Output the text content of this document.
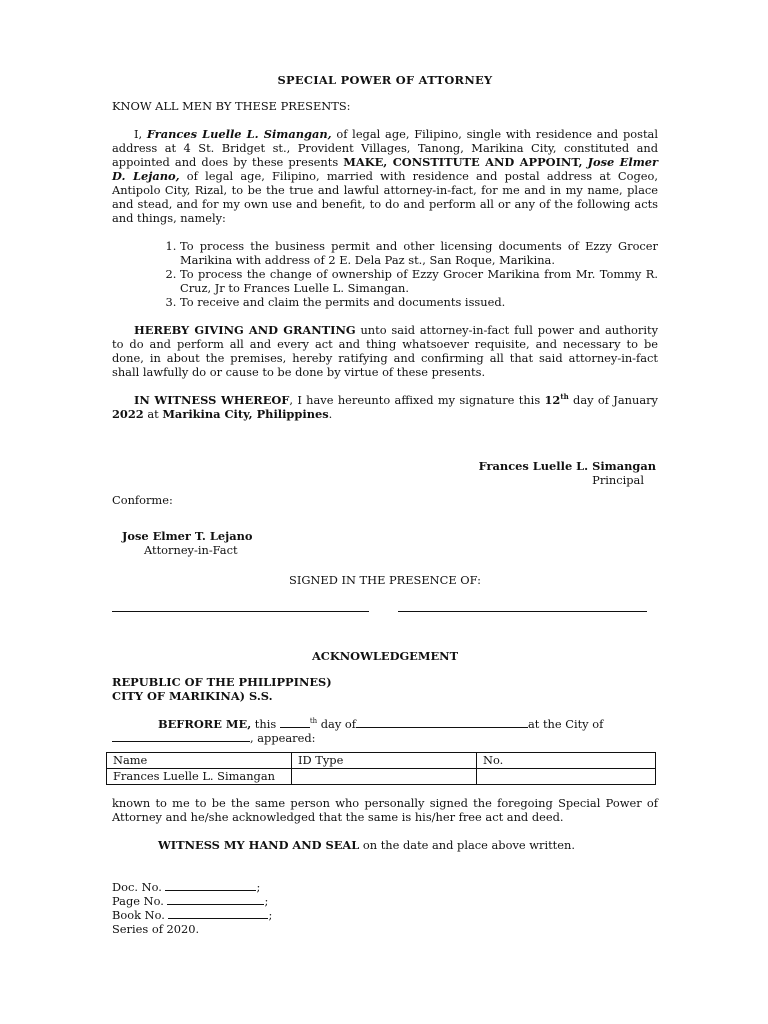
SPECIAL POWER OF ATTORNEY
KNOW ALL MEN BY THESE PRESENTS:

I, Frances Luelle L. Simangan, of legal age, Filipino, single with residence and postal address at 4 St. Bridget st., Provident Villages, Tanong, Marikina City, constituted and appointed and does by these presents MAKE, CONSTITUTE AND APPOINT, Jose Elmer D. Lejano, of legal age, Filipino, married with residence and postal address at Cogeo, Antipolo City, Rizal, to be the true and lawful attorney-in-fact, for me and in my name, place and stead, and for my own use and benefit, to do and perform all or any of the following acts and things, namely:

1. To process the business permit and other licensing documents of Ezzy Grocer Marikina with address of 2 E. Dela Paz st., San Roque, Marikina.
2. To process the change of ownership of Ezzy Grocer Marikina from Mr. Tommy R. Cruz, Jr to Frances Luelle L. Simangan.
3. To receive and claim the permits and documents issued.

HEREBY GIVING AND GRANTING unto said attorney-in-fact full power and authority to do and perform all and every act and thing whatsoever requisite, and necessary to be done, in about the premises, hereby ratifying and confirming all that said attorney-in-fact shall lawfully do or cause to be done by virtue of these presents.

IN WITNESS WHEREOF, I have hereunto affixed my signature this 12th day of January 2022 at Marikina City, Philippines.

Frances Luelle L. Simangan
Principal
Conforme:
Jose Elmer T. Lejano
Attorney-in-Fact
SIGNED IN THE PRESENCE OF:
ACKNOWLEDGEMENT
REPUBLIC OF THE PHILIPPINES)
CITY OF MARIKINA) S.S.

BEFRORE ME, this	$^{th}$ day of	at the City of
, appeared:

Name	ID Type	No.
Frances Luelle L. Simangan		
known to me to be the same person who personally signed the foregoing Special Power of Attorney and he/she acknowledged that the same is his/her free act and deed.
WITNESS MY HAND AND SEAL on the date and place above written.
Doc. No.	;
Page No.	;
Book No.	;
Series of 2020.
